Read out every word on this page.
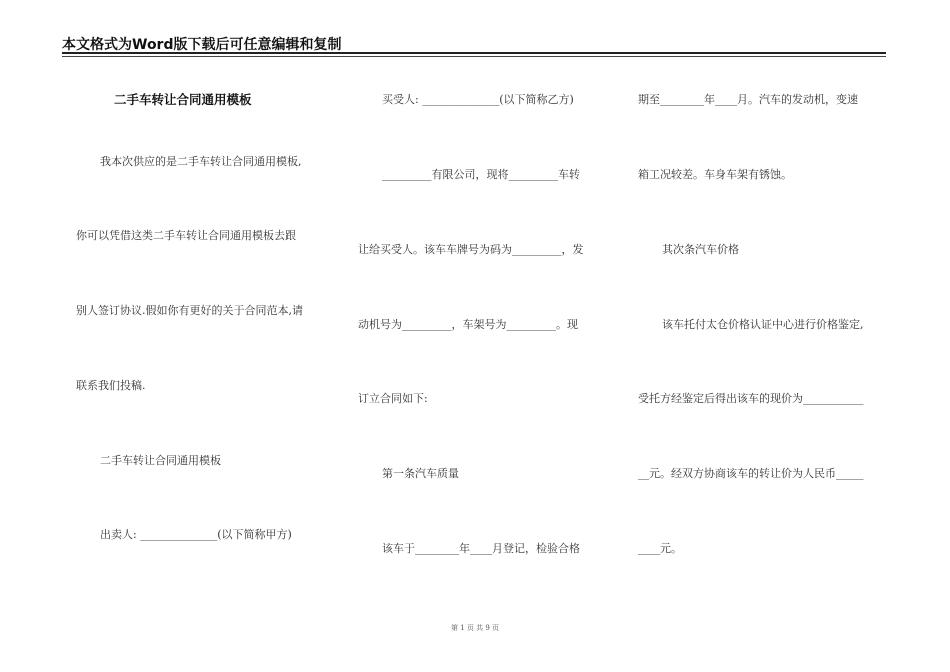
本文格式为Word版下载后可任意编辑和复制
二手车转让合同通用模板
我本次供应的是二手车转让合同通用模板,
你可以凭借这类二手车转让合同通用模板去跟
别人签订协议.假如你有更好的关于合同范本,请
联系我们投稿.
二手车转让合同通用模板
出卖人: ______________(以下简称甲方)
买受人: ______________(以下简称乙方)
_________有限公司，现将_________车转
让给买受人。该车车牌号为码为_________，发
动机号为_________，车架号为_________。现
订立合同如下:
第一条汽车质量
该车于________年____月登记，检验合格
期至________年____月。汽车的发动机，变速
箱工况较差。车身车架有锈蚀。
其次条汽车价格
该车托付太仓价格认证中心进行价格鉴定,
受托方经鉴定后得出该车的现价为___________
__元。经双方协商该车的转让价为人民币_____
____元。
第 1 页 共 9 页
